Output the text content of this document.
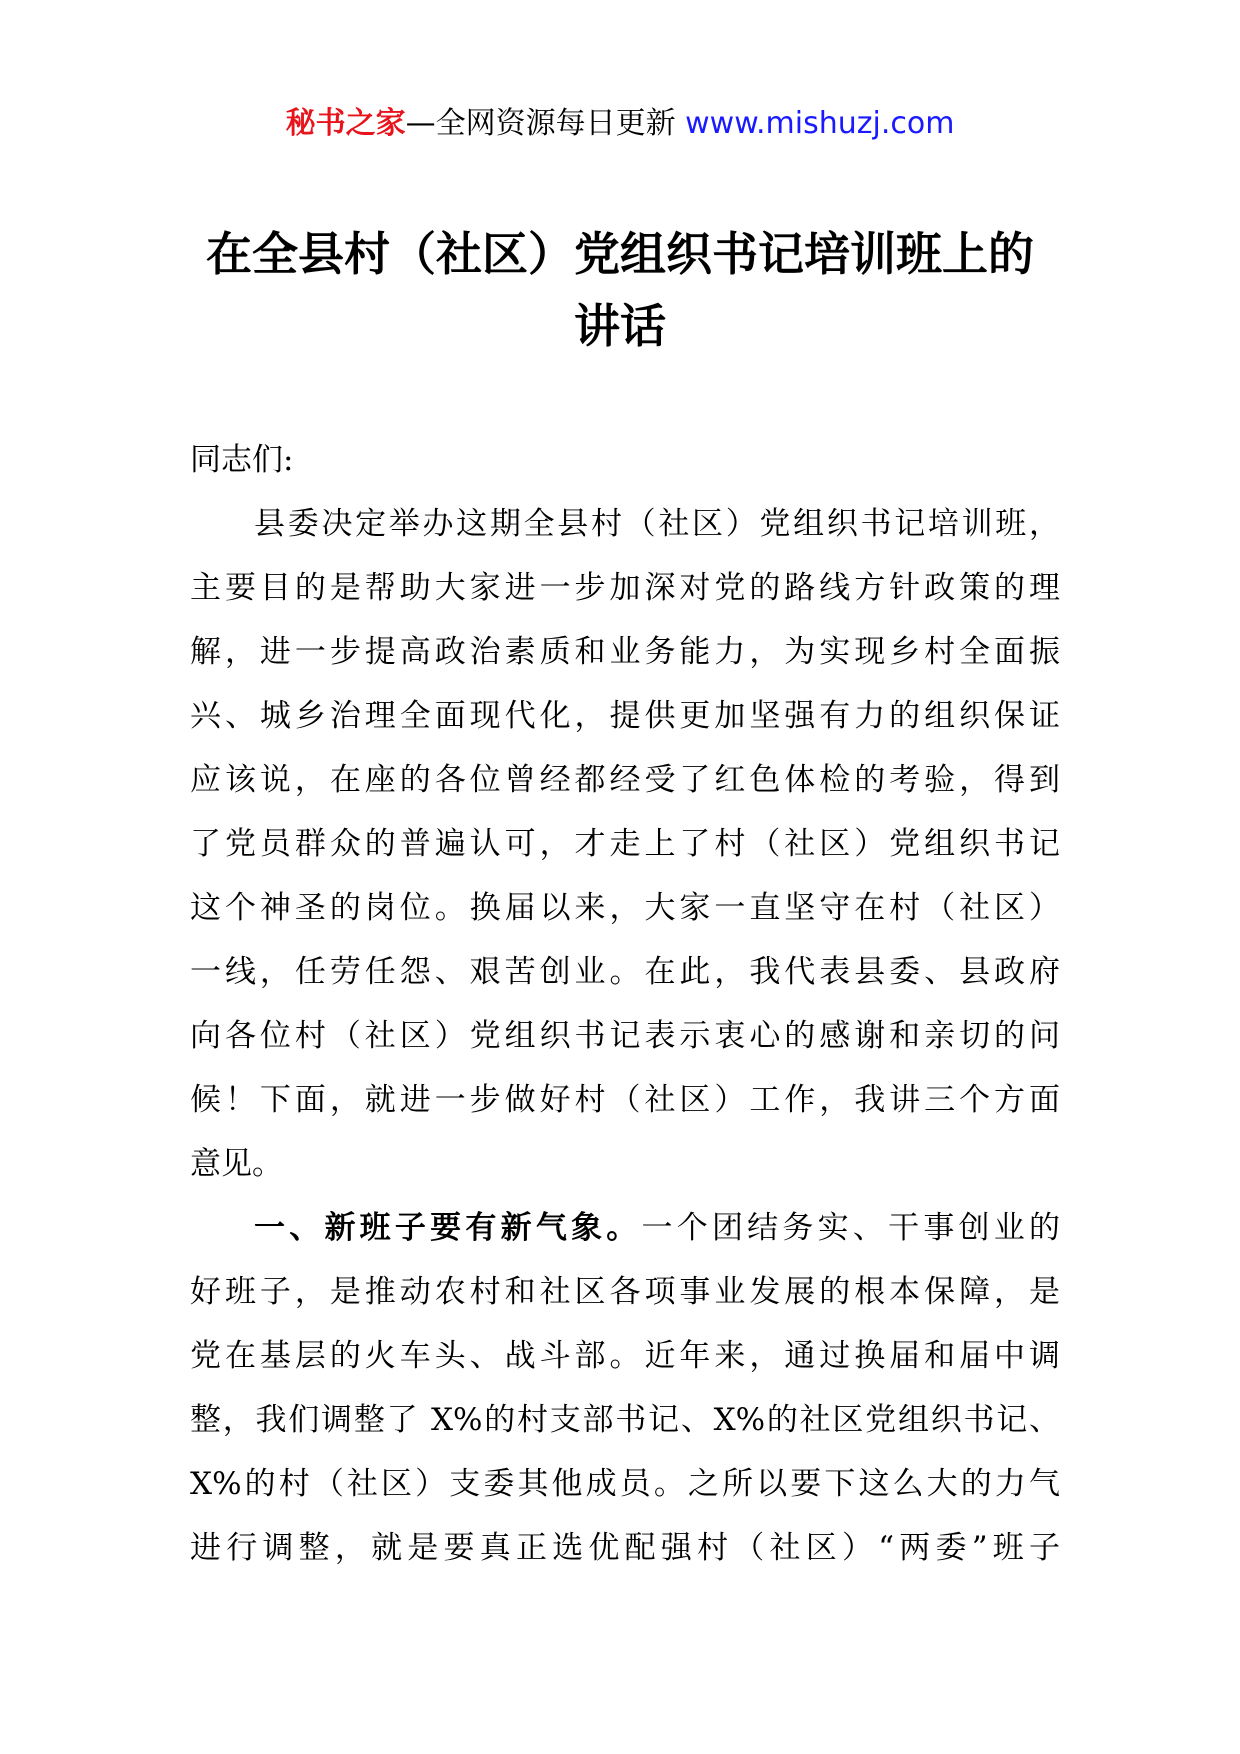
秘书之家—全网资源每日更新 www.mishuzj.com
在全县村（社区）党组织书记培训班上的
讲话
同志们:
县委决定举办这期全县村（社区）党组织书记培训班，
主要目的是帮助大家进一步加深对党的路线方针政策的理
解，进一步提高政治素质和业务能力，为实现乡村全面振
兴、城乡治理全面现代化，提供更加坚强有力的组织保证
应该说，在座的各位曾经都经受了红色体检的考验，得到
了党员群众的普遍认可，才走上了村（社区）党组织书记
这个神圣的岗位。换届以来，大家一直坚守在村（社区）
一线，任劳任怨、艰苦创业。在此，我代表县委、县政府
向各位村（社区）党组织书记表示衷心的感谢和亲切的问
候！下面，就进一步做好村（社区）工作，我讲三个方面
意见。
一、新班子要有新气象。一个团结务实、干事创业的
好班子，是推动农村和社区各项事业发展的根本保障，是
党在基层的火车头、战斗部。近年来，通过换届和届中调
整，我们调整了 X%的村支部书记、X%的社区党组织书记、
X%的村（社区）支委其他成员。之所以要下这么大的力气
进行调整，就是要真正选优配强村（社区）“两委”班子
